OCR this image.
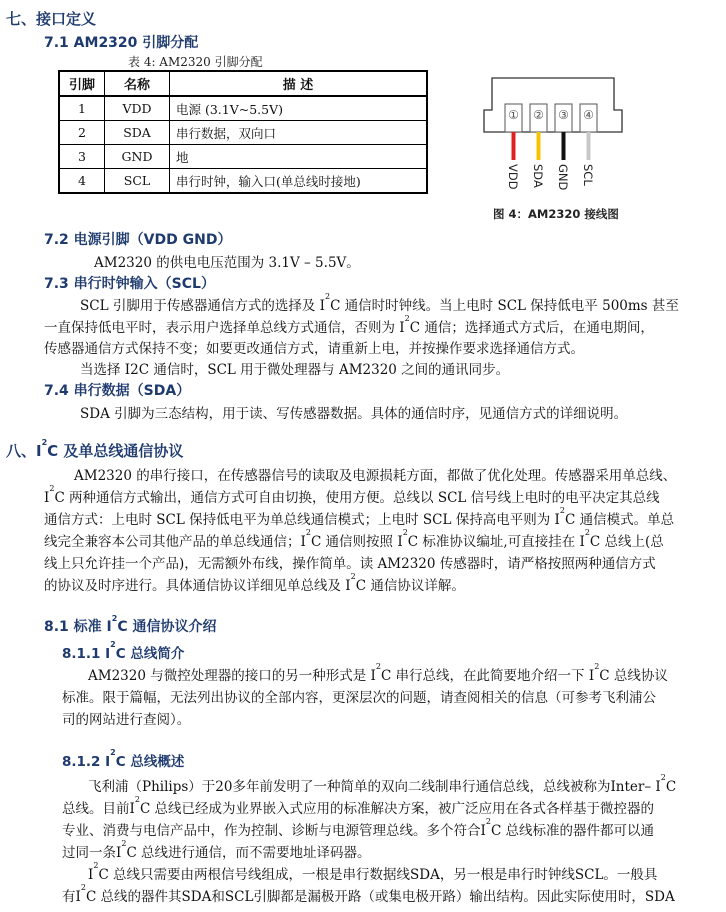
七、接口定义
7.1 AM2320 引脚分配
表 4: AM2320 引脚分配
引脚	名称	描 述
1	VDD	电源 (3.1V~5.5V)
2	SDA	串行数据，双向口
3	GND	地
4	SCL	串行时钟，输入口(单总线时接地)
① ② ③ ④
VDD SDA GND SCL
图 4：AM2320 接线图
7.2 电源引脚（VDD GND）
AM2320 的供电电压范围为 3.1V – 5.5V。
7.3 串行时钟输入（SCL）
SCL 引脚用于传感器通信方式的选择及 $I^2C$ 通信时时钟线。当上电时 SCL 保持低电平 500ms 甚至
一直保持低电平时，表示用户选择单总线方式通信，否则为 $I^2C$ 通信；选择通式方式后，在通电期间，
传感器通信方式保持不变；如要更改通信方式，请重新上电，并按操作要求选择通信方式。
当选择 I2C 通信时，SCL 用于微处理器与 AM2320 之间的通讯同步。
7.4 串行数据（SDA）
SDA 引脚为三态结构，用于读、写传感器数据。具体的通信时序，见通信方式的详细说明。
八、$I^2C$ 及单总线通信协议
AM2320 的串行接口，在传感器信号的读取及电源损耗方面，都做了优化处理。传感器采用单总线、
$I^2C$ 两种通信方式输出，通信方式可自由切换，使用方便。总线以 SCL 信号线上电时的电平决定其总线
通信方式：上电时 SCL 保持低电平为单总线通信模式；上电时 SCL 保持高电平则为 $I^2C$ 通信模式。单总
线完全兼容本公司其他产品的单总线通信；$I^2C$ 通信则按照 $I^2C$ 标准协议编址,可直接挂在 $I^2C$ 总线上(总
线上只允许挂一个产品)，无需额外布线，操作简单。读 AM2320 传感器时，请严格按照两种通信方式
的协议及时序进行。具体通信协议详细见单总线及 $I^2C$ 通信协议详解。
8.1 标准 $I^2C$ 通信协议介绍
8.1.1 $I^2C$ 总线简介
AM2320 与微控处理器的接口的另一种形式是 $I^2C$ 串行总线，在此简要地介绍一下 $I^2C$ 总线协议
标准。限于篇幅，无法列出协议的全部内容，更深层次的问题，请查阅相关的信息（可参考飞利浦公
司的网站进行查阅）。
8.1.2 $I^2C$ 总线概述
飞利浦（Philips）于20多年前发明了一种简单的双向二线制串行通信总线，总线被称为Inter– $I^2C$
总线。目前$I^2C$ 总线已经成为业界嵌入式应用的标准解决方案，被广泛应用在各式各样基于微控器的
专业、消费与电信产品中，作为控制、诊断与电源管理总线。多个符合$I^2C$ 总线标准的器件都可以通
过同一条$I^2C$ 总线进行通信，而不需要地址译码器。
$I^2C$ 总线只需要由两根信号线组成，一根是串行数据线SDA，另一根是串行时钟线SCL。一般具
有$I^2C$ 总线的器件其SDA和SCL引脚都是漏极开路（或集电极开路）输出结构。因此实际使用时，SDA
